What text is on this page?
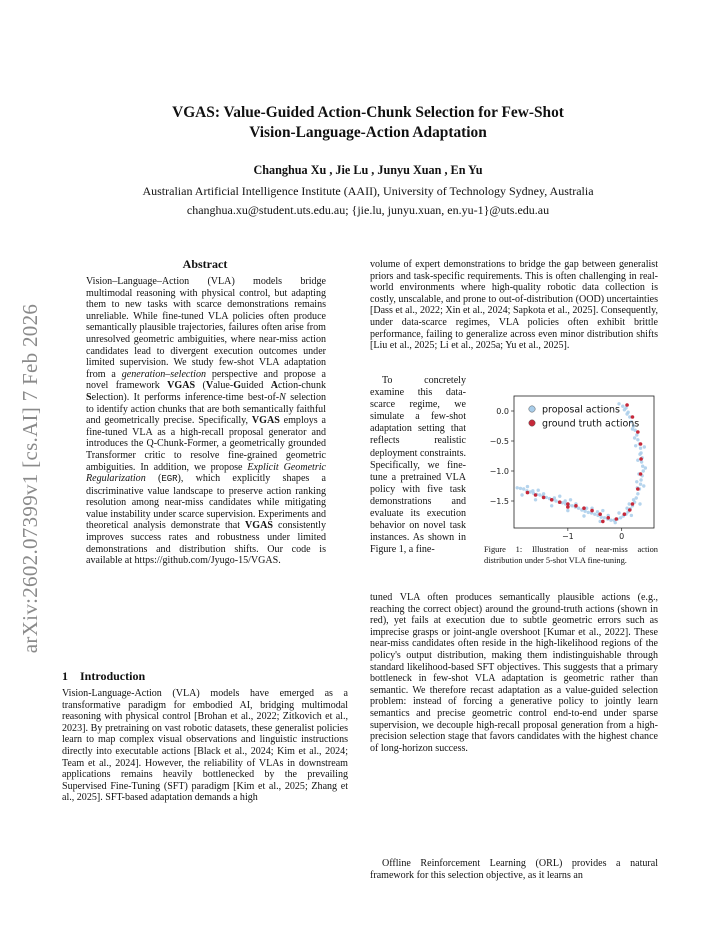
arXiv:2602.07399v1 [cs.AI] 7 Feb 2026
VGAS: Value-Guided Action-Chunk Selection for Few-Shot
Vision-Language-Action Adaptation
Changhua Xu , Jie Lu , Junyu Xuan , En Yu
Australian Artificial Intelligence Institute (AAII), University of Technology Sydney, Australia
changhua.xu@student.uts.edu.au; {jie.lu, junyu.xuan, en.yu-1}@uts.edu.au
Abstract

Vision–Language–Action (VLA) models bridge multimodal reasoning with physical control, but adapting them to new tasks with scarce demonstrations remains unreliable. While fine-tuned VLA policies often produce semantically plausible trajectories, failures often arise from unresolved geometric ambiguities, where near-miss action candidates lead to divergent execution outcomes under limited supervision. We study few-shot VLA adaptation from a generation–selection perspective and propose a novel framework VGAS (Value-Guided Action-chunk Selection). It performs inference-time best-of-N selection to identify action chunks that are both semantically faithful and geometrically precise. Specifically, VGAS employs a fine-tuned VLA as a high-recall proposal generator and introduces the Q-Chunk-Former, a geometrically grounded Transformer critic to resolve fine-grained geometric ambiguities. In addition, we propose Explicit Geometric Regularization (EGR), which explicitly shapes a discriminative value landscape to preserve action ranking resolution among near-miss candidates while mitigating value instability under scarce supervision. Experiments and theoretical analysis demonstrate that VGAS consistently improves success rates and robustness under limited demonstrations and distribution shifts. Our code is available at https://github.com/Jyugo-15/VGAS.

1 Introduction

Vision-Language-Action (VLA) models have emerged as a transformative paradigm for embodied AI, bridging multimodal reasoning with physical control [Brohan et al., 2022; Zitkovich et al., 2023]. By pretraining on vast robotic datasets, these generalist policies learn to map complex visual observations and linguistic instructions directly into executable actions [Black et al., 2024; Kim et al., 2024; Team et al., 2024]. However, the reliability of VLAs in downstream applications remains heavily bottlenecked by the prevailing Supervised Fine-Tuning (SFT) paradigm [Kim et al., 2025; Zhang et al., 2025]. SFT-based adaptation demands a high

volume of expert demonstrations to bridge the gap between generalist priors and task-specific requirements. This is often challenging in real-world environments where high-quality robotic data collection is costly, unscalable, and prone to out-of-distribution (OOD) uncertainties [Dass et al., 2022; Xin et al., 2024; Sapkota et al., 2025]. Consequently, under data-scarce regimes, VLA policies often exhibit brittle performance, failing to generalize across even minor distribution shifts [Liu et al., 2025; Li et al., 2025a; Yu et al., 2025].

To concretely examine this data-scarce regime, we simulate a few-shot adaptation setting that reflects realistic deployment constraints. Specifically, we fine-tune a pretrained VLA policy with five task demonstrations and evaluate its execution behavior on novel task instances. As shown in Figure 1, a fine-

tuned VLA often produces semantically plausible actions (e.g., reaching the correct object) around the ground-truth actions (shown in red), yet fails at execution due to subtle geometric errors such as imprecise grasps or joint-angle overshoot [Kumar et al., 2022]. These near-miss candidates often reside in the high-likelihood regions of the policy's output distribution, making them indistinguishable through standard likelihood-based SFT objectives. This suggests that a primary bottleneck in few-shot VLA adaptation is geometric rather than semantic. We therefore recast adaptation as a value-guided selection problem: instead of forcing a generative policy to jointly learn semantics and precise geometric control end-to-end under sparse supervision, we decouple high-recall proposal generation from a high-precision selection stage that favors candidates with the highest chance of long-horizon success.

Offline Reinforcement Learning (ORL) provides a natural framework for this selection objective, as it learns an

0.0
−0.5
−1.0
−1.5
−1	0
proposal actions
ground truth actions
Figure 1: Illustration of near-miss action distribution under 5-shot VLA fine-tuning.
